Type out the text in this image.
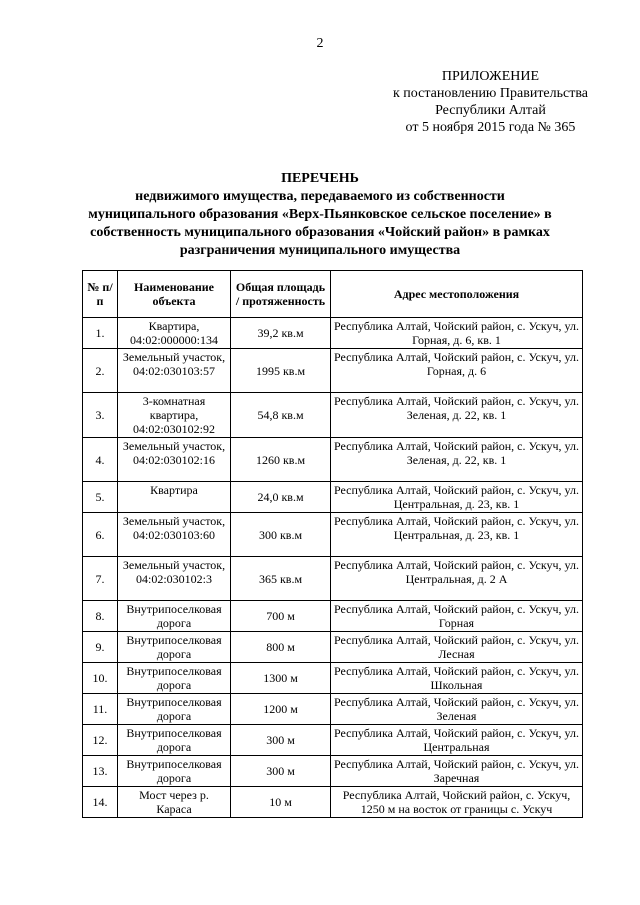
2
ПРИЛОЖЕНИЕ
к постановлению Правительства
Республики Алтай
от 5 ноября 2015 года № 365
ПЕРЕЧЕНЬ
недвижимого имущества, передаваемого из собственности
муниципального образования «Верх-Пьянковское сельское поселение» в
собственность муниципального образования «Чойский район» в рамках
разграничения муниципального имущества
№ п/п	Наименование объекта	Общая площадь / протяженность	Адрес местоположения
1.	Квартира, 04:02:000000:134	39,2 кв.м	Республика Алтай, Чойский район, с. Ускуч, ул. Горная, д. 6, кв. 1
2.	Земельный участок, 04:02:030103:57	1995 кв.м	Республика Алтай, Чойский район, с. Ускуч, ул. Горная, д. 6
3.	3-комнатная квартира, 04:02:030102:92	54,8 кв.м	Республика Алтай, Чойский район, с. Ускуч, ул. Зеленая, д. 22, кв. 1
4.	Земельный участок, 04:02:030102:16	1260 кв.м	Республика Алтай, Чойский район, с. Ускуч, ул. Зеленая, д. 22, кв. 1
5.	Квартира	24,0 кв.м	Республика Алтай, Чойский район, с. Ускуч, ул. Центральная, д. 23, кв. 1
6.	Земельный участок, 04:02:030103:60	300 кв.м	Республика Алтай, Чойский район, с. Ускуч, ул. Центральная, д. 23, кв. 1
7.	Земельный участок, 04:02:030102:3	365 кв.м	Республика Алтай, Чойский район, с. Ускуч, ул. Центральная, д. 2 А
8.	Внутрипоселковая дорога	700 м	Республика Алтай, Чойский район, с. Ускуч, ул. Горная
9.	Внутрипоселковая дорога	800 м	Республика Алтай, Чойский район, с. Ускуч, ул. Лесная
10.	Внутрипоселковая дорога	1300 м	Республика Алтай, Чойский район, с. Ускуч, ул. Школьная
11.	Внутрипоселковая дорога	1200 м	Республика Алтай, Чойский район, с. Ускуч, ул. Зеленая
12.	Внутрипоселковая дорога	300 м	Республика Алтай, Чойский район, с. Ускуч, ул. Центральная
13.	Внутрипоселковая дорога	300 м	Республика Алтай, Чойский район, с. Ускуч, ул. Заречная
14.	Мост через р. Караса	10 м	Республика Алтай, Чойский район, с. Ускуч, 1250 м на восток от границы с. Ускуч
